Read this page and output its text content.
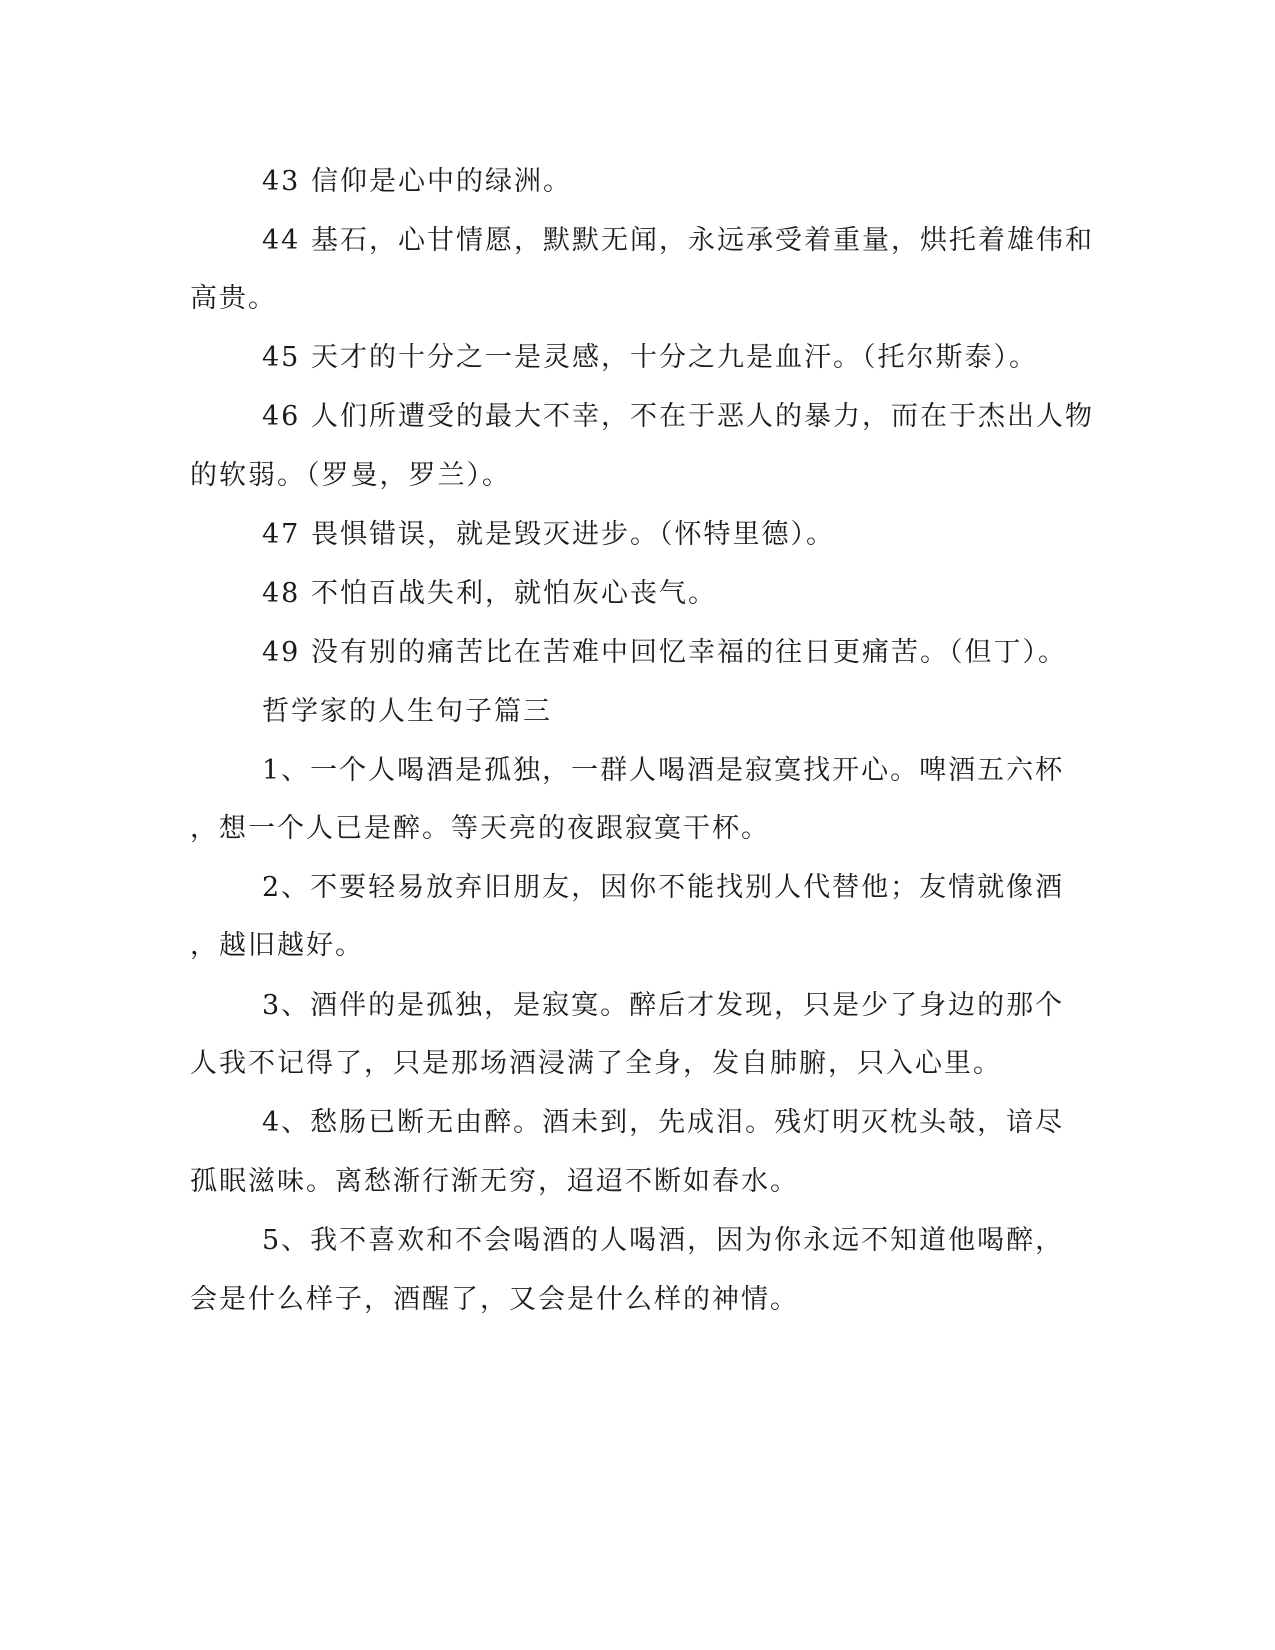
43 信仰是心中的绿洲。
44 基石，心甘情愿，默默无闻，永远承受着重量，烘托着雄伟和
高贵。
45 天才的十分之一是灵感，十分之九是血汗。（托尔斯泰）。
46 人们所遭受的最大不幸，不在于恶人的暴力，而在于杰出人物
的软弱。（罗曼，罗兰）。
47 畏惧错误，就是毁灭进步。（怀特里德）。
48 不怕百战失利，就怕灰心丧气。
49 没有别的痛苦比在苦难中回忆幸福的往日更痛苦。（但丁）。
哲学家的人生句子篇三
1、一个人喝酒是孤独，一群人喝酒是寂寞找开心。啤酒五六杯
，想一个人已是醉。等天亮的夜跟寂寞干杯。
2、不要轻易放弃旧朋友，因你不能找别人代替他；友情就像酒
，越旧越好。
3、酒伴的是孤独，是寂寞。醉后才发现，只是少了身边的那个
人我不记得了，只是那场酒浸满了全身，发自肺腑，只入心里。
4、愁肠已断无由醉。酒未到，先成泪。残灯明灭枕头攲，谙尽
孤眠滋味。离愁渐行渐无穷，迢迢不断如春水。
5、我不喜欢和不会喝酒的人喝酒，因为你永远不知道他喝醉，
会是什么样子，酒醒了，又会是什么样的神情。
